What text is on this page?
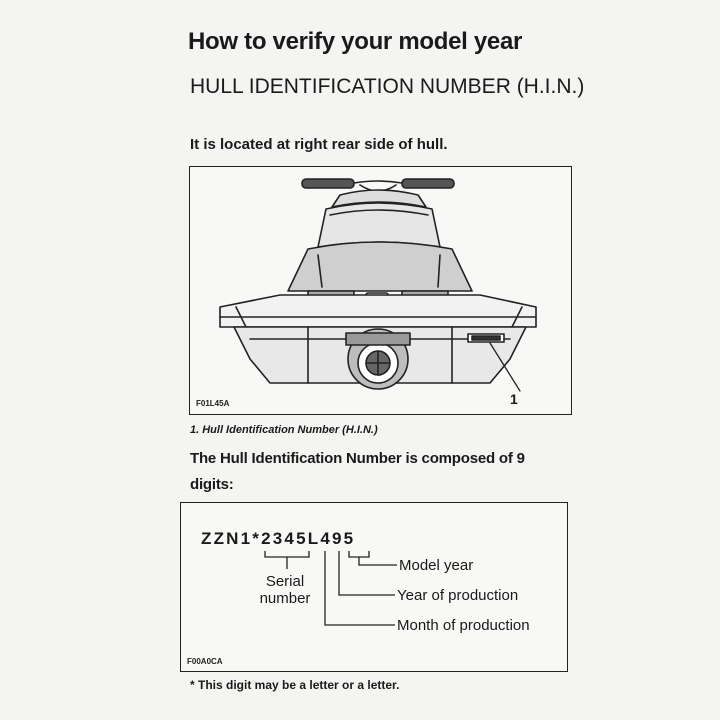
How to verify your model year
HULL IDENTIFICATION NUMBER (H.I.N.)
It is located at right rear side of hull.
F01L45A	1
1. Hull Identification Number (H.I.N.)
The Hull Identification Number is composed of 9 digits:
ZZN1*2345L495
Serial number
Model year
Year of production
Month of production
F00A0CA
* This digit may be a letter or a letter.
